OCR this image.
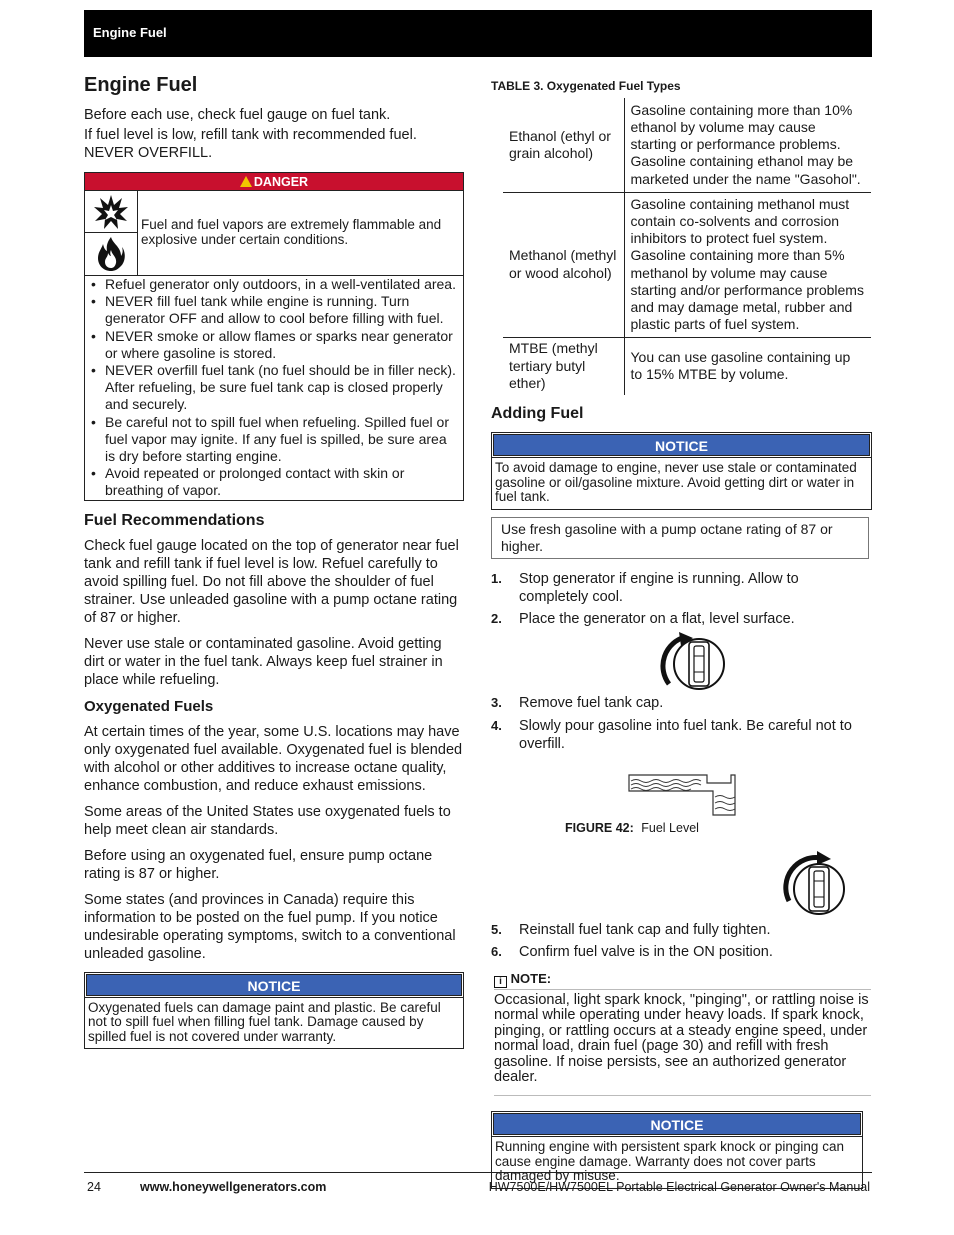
Engine Fuel
Engine Fuel

Before each use, check fuel gauge on fuel tank.

If fuel level is low, refill tank with recommended fuel. NEVER OVERFILL.

DANGER
Fuel and fuel vapors are extremely flammable and explosive under certain conditions.
• Refuel generator only outdoors, in a well-ventilated area.
• NEVER fill fuel tank while engine is running. Turn generator OFF and allow to cool before filling with fuel.
• NEVER smoke or allow flames or sparks near generator or where gasoline is stored.
• NEVER overfill fuel tank (no fuel should be in filler neck). After refueling, be sure fuel tank cap is closed properly and securely.
• Be careful not to spill fuel when refueling. Spilled fuel or fuel vapor may ignite. If any fuel is spilled, be sure area is dry before starting engine.
• Avoid repeated or prolonged contact with skin or breathing of vapor.
Fuel Recommendations

Check fuel gauge located on the top of generator near fuel tank and refill tank if fuel level is low. Refuel carefully to avoid spilling fuel. Do not fill above the shoulder of fuel strainer. Use unleaded gasoline with a pump octane rating of 87 or higher.

Never use stale or contaminated gasoline. Avoid getting dirt or water in the fuel tank. Always keep fuel strainer in place while refueling.

Oxygenated Fuels

At certain times of the year, some U.S. locations may have only oxygenated fuel available. Oxygenated fuel is blended with alcohol or other additives to increase octane quality, enhance combustion, and reduce exhaust emissions.

Some areas of the United States use oxygenated fuels to help meet clean air standards.

Before using an oxygenated fuel, ensure pump octane rating is 87 or higher.

Some states (and provinces in Canada) require this information to be posted on the fuel pump. If you notice undesirable operating symptoms, switch to a conventional unleaded gasoline.

NOTICE
Oxygenated fuels can damage paint and plastic. Be careful not to spill fuel when filling fuel tank. Damage caused by spilled fuel is not covered under warranty.
TABLE 3. Oxygenated Fuel Types
Ethanol (ethyl or grain alcohol)	Gasoline containing more than 10% ethanol by volume may cause starting or performance problems. Gasoline containing ethanol may be marketed under the name "Gasohol".
Methanol (methyl or wood alcohol)	Gasoline containing methanol must contain co-solvents and corrosion inhibitors to protect fuel system. Gasoline containing more than 5% methanol by volume may cause starting and/or performance problems and may damage metal, rubber and plastic parts of fuel system.
MTBE (methyl tertiary butyl ether)	You can use gasoline containing up to 15% MTBE by volume.
Adding Fuel
NOTICE
To avoid damage to engine, never use stale or contaminated gasoline or oil/gasoline mixture. Avoid getting dirt or water in fuel tank.
Use fresh gasoline with a pump octane rating of 87 or higher.
1. Stop generator if engine is running. Allow to completely cool.
2. Place the generator on a flat, level surface.
3. Remove fuel tank cap.
4. Slowly pour gasoline into fuel tank. Be careful not to overfill.
FIGURE 42: Fuel Level
5. Reinstall fuel tank cap and fully tighten.
6. Confirm fuel valve is in the ON position.
i NOTE:
Occasional, light spark knock, "pinging", or rattling noise is normal while operating under heavy loads. If spark knock, pinging, or rattling occurs at a steady engine speed, under normal load, drain fuel (page 30) and refill with fresh gasoline. If noise persists, see an authorized generator dealer.
NOTICE
Running engine with persistent spark knock or pinging can cause engine damage. Warranty does not cover parts damaged by misuse.
24	www.honeywellgenerators.com	HW7500E/HW7500EL Portable Electrical Generator Owner's Manual
